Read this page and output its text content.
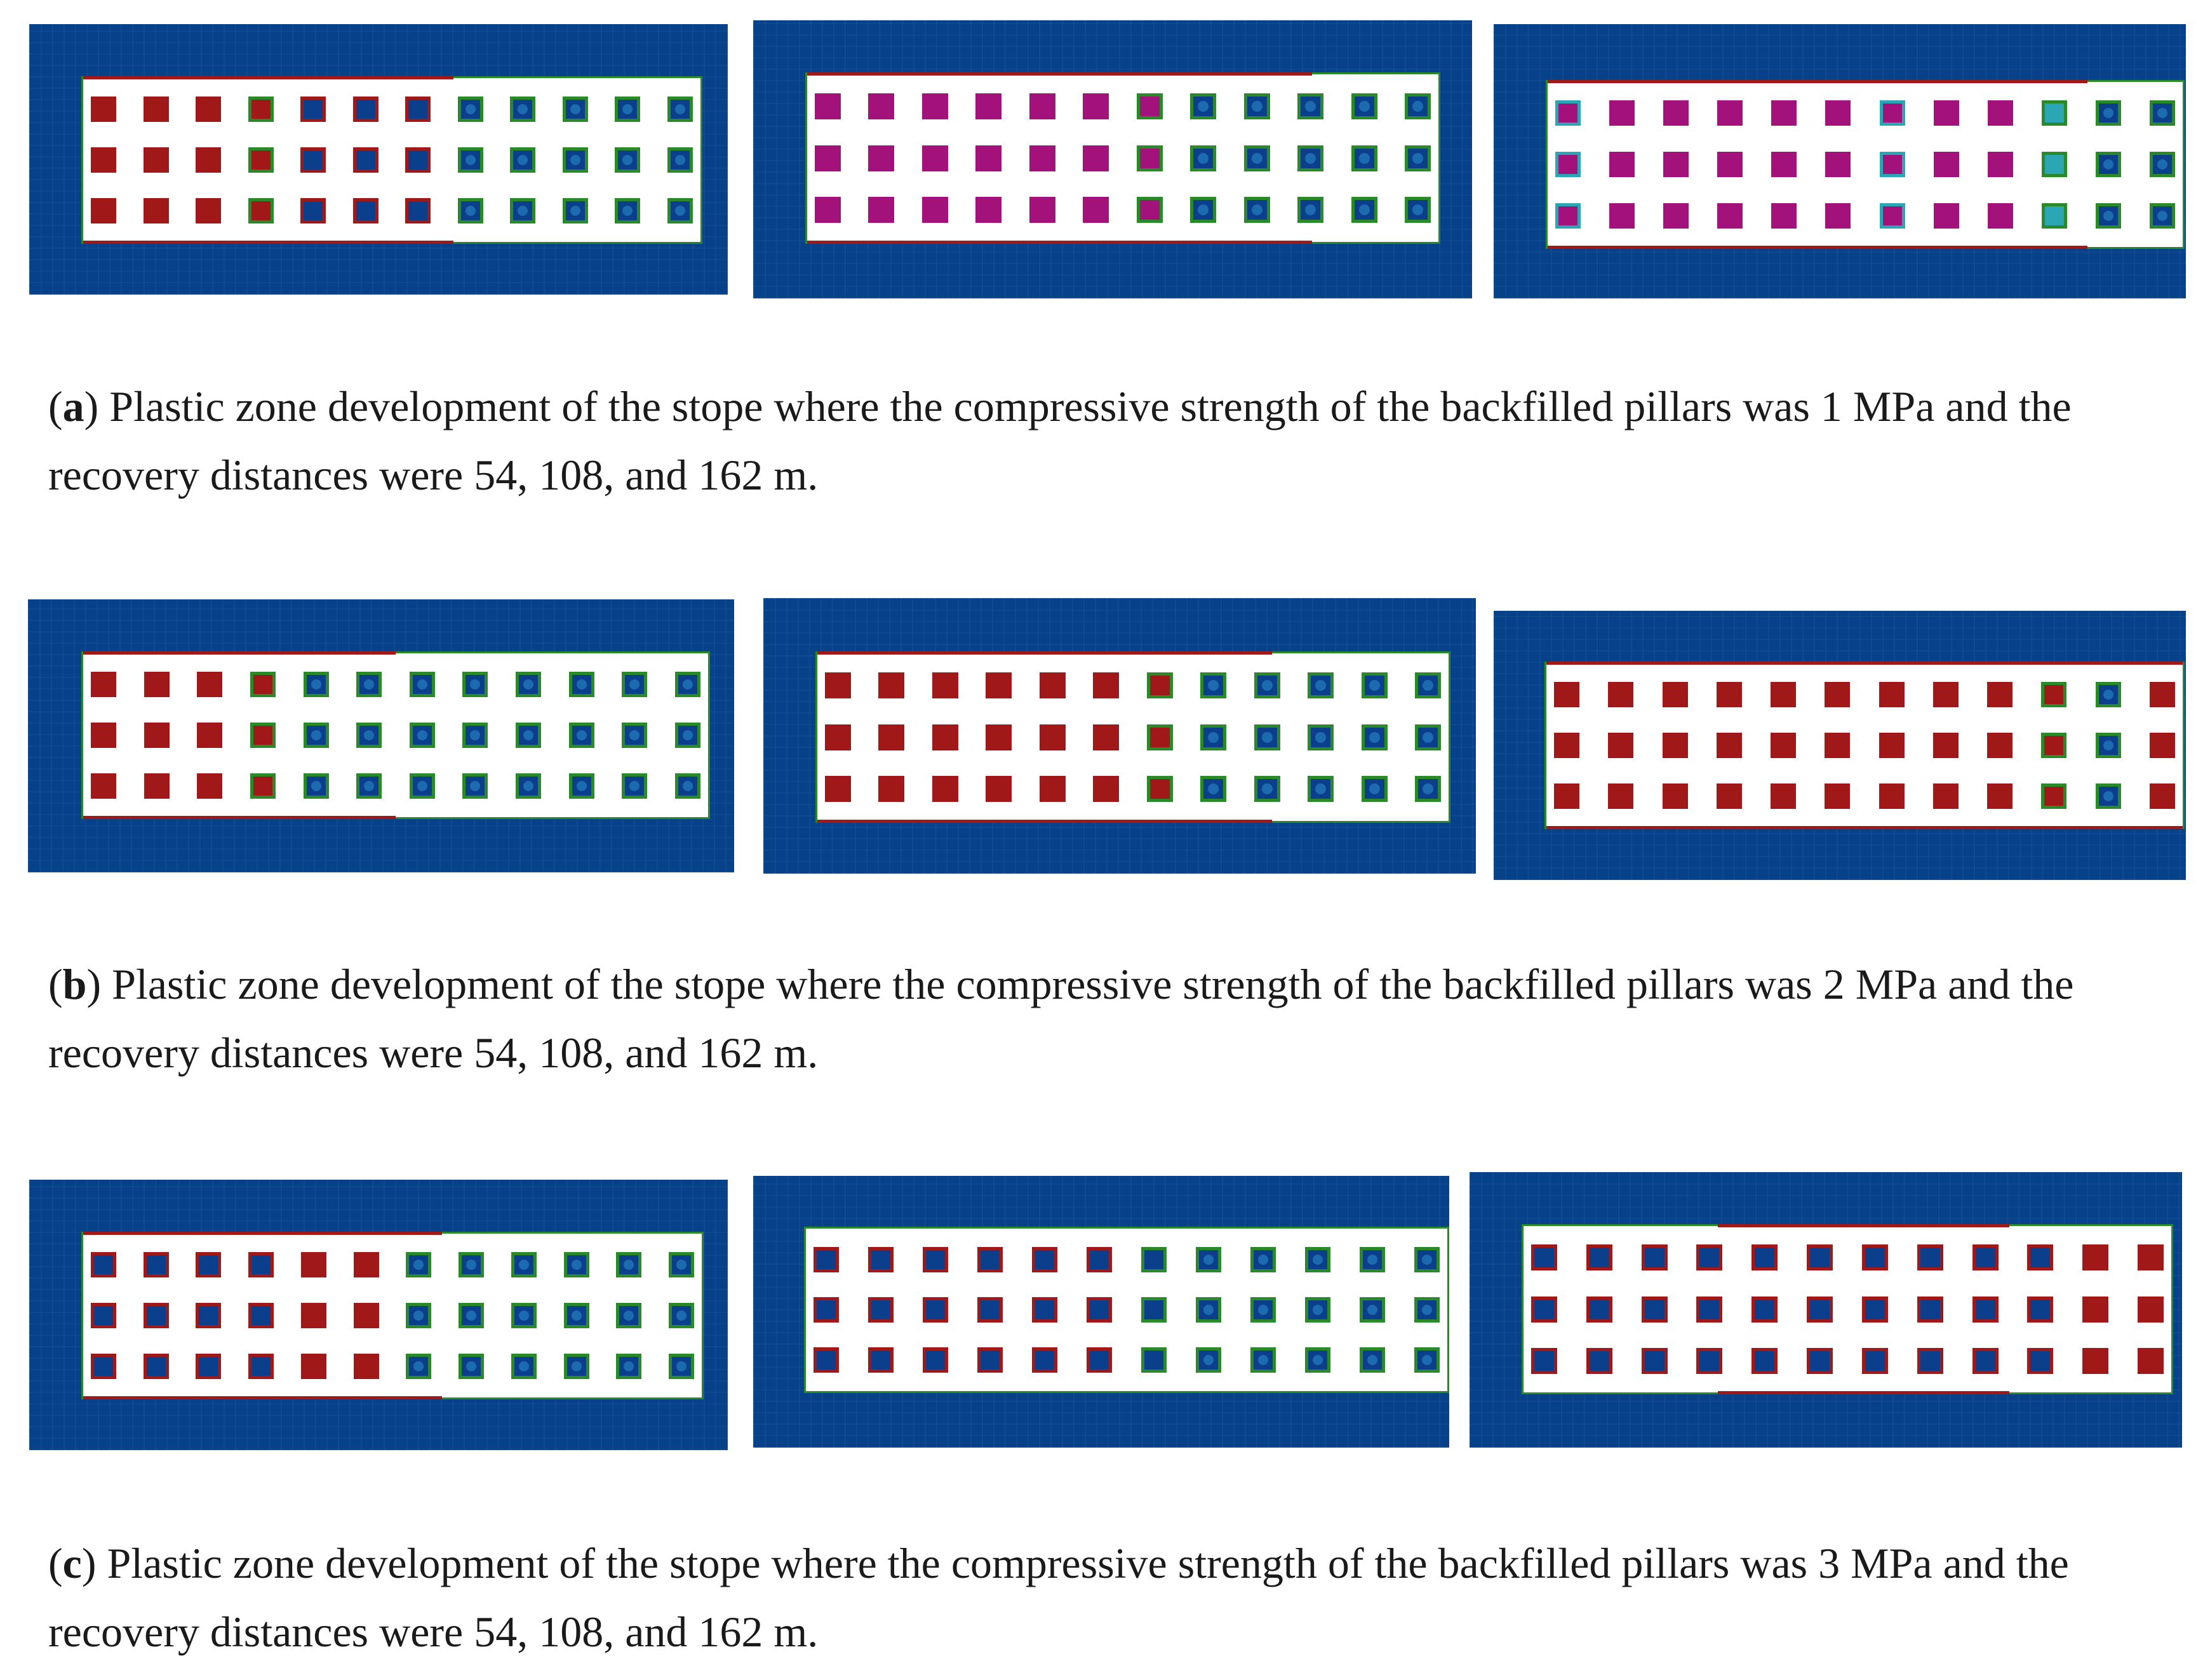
(a) Plastic zone development of the stope where the compressive strength of the backfilled pillars was 1 MPa and the recovery distances were 54, 108, and 162 m.
(b) Plastic zone development of the stope where the compressive strength of the backfilled pillars was 2 MPa and the recovery distances were 54, 108, and 162 m.
(c) Plastic zone development of the stope where the compressive strength of the backfilled pillars was 3 MPa and the recovery distances were 54, 108, and 162 m.
